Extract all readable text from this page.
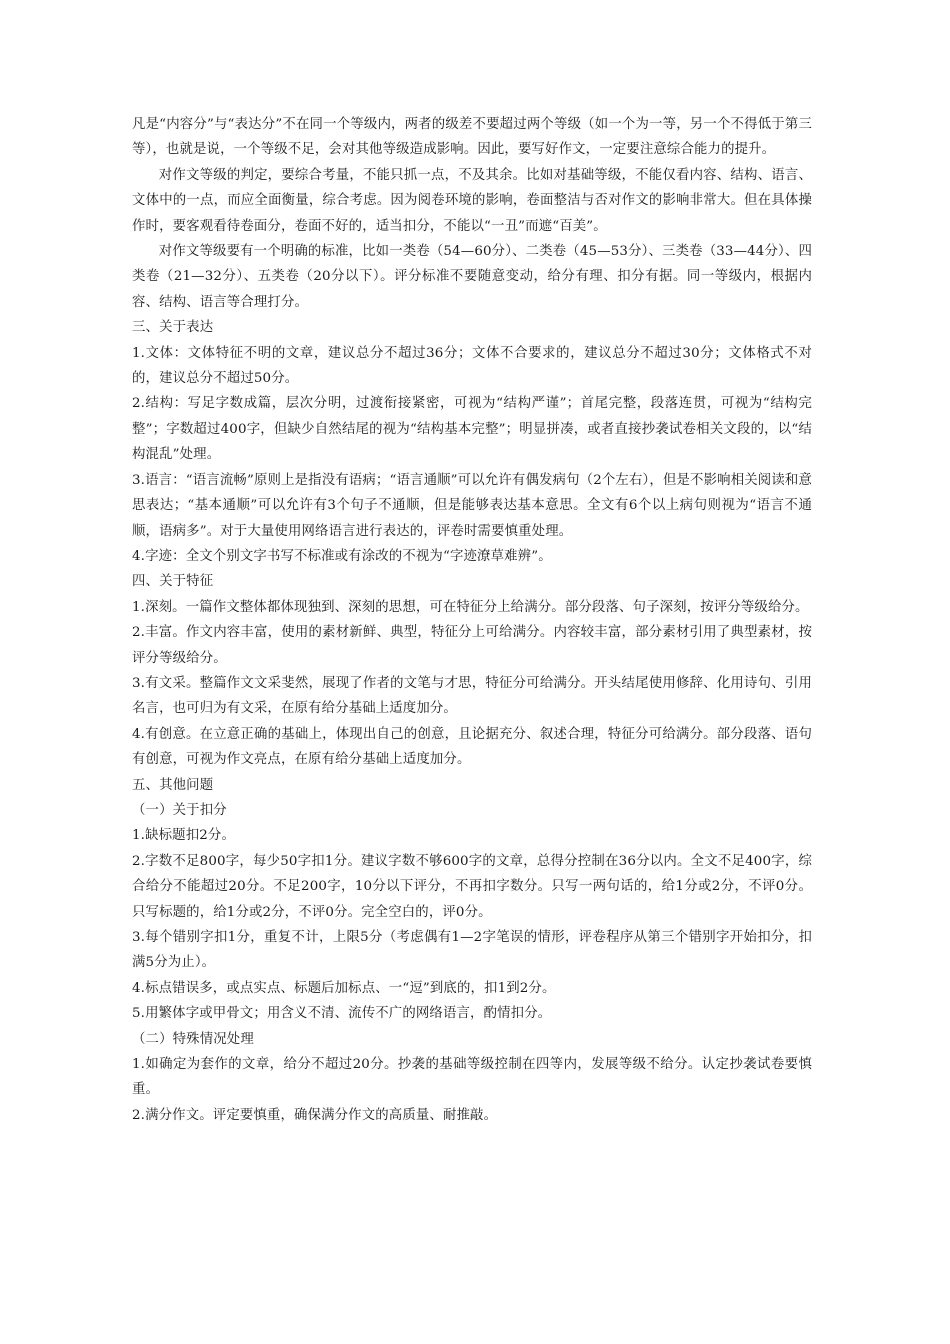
凡是“内容分”与“表达分”不在同一个等级内，两者的级差不要超过两个等级（如一个为一等，另一个不得低于第三等），也就是说，一个等级不足，会对其他等级造成影响。因此，要写好作文，一定要注意综合能力的提升。

对作文等级的判定，要综合考量，不能只抓一点，不及其余。比如对基础等级，不能仅看内容、结构、语言、文体中的一点，而应全面衡量，综合考虑。因为阅卷环境的影响，卷面整洁与否对作文的影响非常大。但在具体操作时，要客观看待卷面分，卷面不好的，适当扣分，不能以“一丑”而遮“百美”。

对作文等级要有一个明确的标准，比如一类卷（54—60分）、二类卷（45—53分）、三类卷（33—44分）、四类卷（21—32分）、五类卷（20分以下）。评分标准不要随意变动，给分有理、扣分有据。同一等级内，根据内容、结构、语言等合理打分。

三、关于表达

1.文体：文体特征不明的文章，建议总分不超过36分；文体不合要求的，建议总分不超过30分；文体格式不对的，建议总分不超过50分。

2.结构：写足字数成篇，层次分明，过渡衔接紧密，可视为“结构严谨”；首尾完整，段落连贯，可视为“结构完整”；字数超过400字，但缺少自然结尾的视为“结构基本完整”；明显拼凑，或者直接抄袭试卷相关文段的，以“结构混乱”处理。

3.语言：“语言流畅”原则上是指没有语病；“语言通顺”可以允许有偶发病句（2个左右），但是不影响相关阅读和意思表达；“基本通顺”可以允许有3个句子不通顺，但是能够表达基本意思。全文有6个以上病句则视为“语言不通顺，语病多”。对于大量使用网络语言进行表达的，评卷时需要慎重处理。

4.字迹：全文个别文字书写不标准或有涂改的不视为“字迹潦草难辨”。

四、关于特征

1.深刻。一篇作文整体都体现独到、深刻的思想，可在特征分上给满分。部分段落、句子深刻，按评分等级给分。

2.丰富。作文内容丰富，使用的素材新鲜、典型，特征分上可给满分。内容较丰富，部分素材引用了典型素材，按评分等级给分。

3.有文采。整篇作文文采斐然，展现了作者的文笔与才思，特征分可给满分。开头结尾使用修辞、化用诗句、引用名言，也可归为有文采，在原有给分基础上适度加分。

4.有创意。在立意正确的基础上，体现出自己的创意，且论据充分、叙述合理，特征分可给满分。部分段落、语句有创意，可视为作文亮点，在原有给分基础上适度加分。

五、其他问题

（一）关于扣分

1.缺标题扣2分。

2.字数不足800字，每少50字扣1分。建议字数不够600字的文章，总得分控制在36分以内。全文不足400字，综合给分不能超过20分。不足200字，10分以下评分，不再扣字数分。只写一两句话的，给1分或2分，不评0分。只写标题的，给1分或2分，不评0分。完全空白的，评0分。

3.每个错别字扣1分，重复不计，上限5分（考虑偶有1—2字笔误的情形，评卷程序从第三个错别字开始扣分，扣满5分为止）。

4.标点错误多，或点实点、标题后加标点、一“逗”到底的，扣1到2分。

5.用繁体字或甲骨文；用含义不清、流传不广的网络语言，酌情扣分。

（二）特殊情况处理

1.如确定为套作的文章，给分不超过20分。抄袭的基础等级控制在四等内，发展等级不给分。认定抄袭试卷要慎重。

2.满分作文。评定要慎重，确保满分作文的高质量、耐推敲。
